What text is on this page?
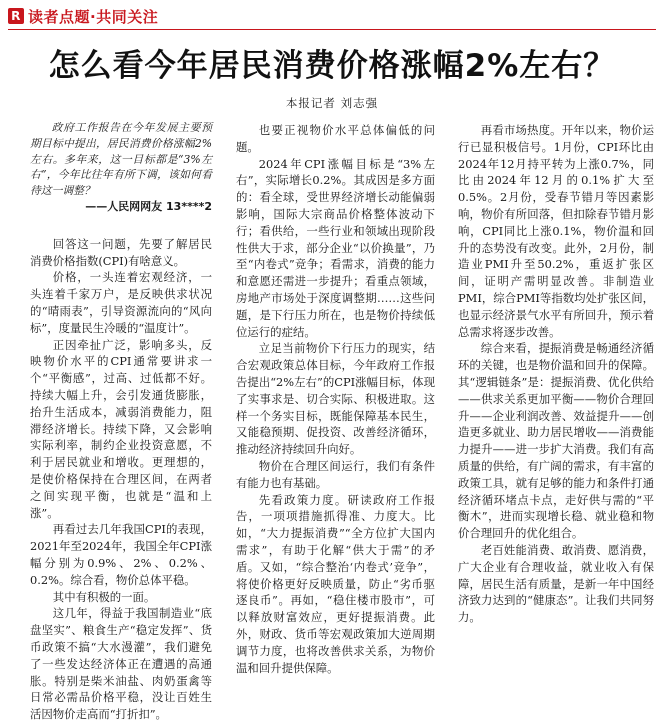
R 读者点题·共同关注
怎么看今年居民消费价格涨幅2%左右？
本报记者 刘志强

政府工作报告在今年发展主要预期目标中提出，居民消费价格涨幅2%左右。多年来，这一目标都是“3%左右”，今年比往年有所下调，该如何看待这一调整？

——人民网网友 13****2

回答这一问题，先要了解居民消费价格指数(CPI)有啥意义。

价格，一头连着宏观经济，一头连着千家万户，是反映供求状况的“晴雨表”，引导资源流向的“风向标”，度量民生冷暖的“温度计”。

正因牵扯广泛，影响多头，反映物价水平的CPI通常要讲求一个“平衡感”，过高、过低都不好。持续大幅上升，会引发通货膨胀，抬升生活成本，减弱消费能力，阻滞经济增长。持续下降，又会影响实际利率，制约企业投资意愿，不利于居民就业和增收。更理想的，是使价格保持在合理区间，在两者之间实现平衡，也就是“温和上涨”。

再看过去几年我国CPI的表现，2021年至2024年，我国全年CPI涨幅分别为0.9%、2%、0.2%、0.2%。综合看，物价总体平稳。

其中有积极的一面。

这几年，得益于我国制造业“底盘坚实”、粮食生产“稳定发挥”、货币政策不搞“大水漫灌”，我们避免了一些发达经济体正在遭遇的高通胀。特别是柴米油盐、肉奶蛋禽等日常必需品价格平稳，没让百姓生活因物价走高而“打折扣”。

也要正视物价水平总体偏低的问题。

2024年CPI涨幅目标是“3%左右”，实际增长0.2%。其成因是多方面的：看全球，受世界经济增长动能偏弱影响，国际大宗商品价格整体波动下行；看供给，一些行业和领域出现阶段性供大于求，部分企业“以价换量”，乃至“内卷式”竞争；看需求，消费的能力和意愿还需进一步提升；看重点领域，房地产市场处于深度调整期……这些问题，是下行压力所在，也是物价持续低位运行的症结。

立足当前物价下行压力的现实，结合宏观政策总体目标，今年政府工作报告提出“2%左右”的CPI涨幅目标，体现了实事求是、切合实际、积极进取。这样一个务实目标，既能保障基本民生，又能稳预期、促投资、改善经济循环，推动经济持续回升向好。

物价在合理区间运行，我们有条件有能力也有基础。

先看政策力度。研读政府工作报告，一项项措施抓得准、力度大。比如，“大力提振消费”“全方位扩大国内需求”，有助于化解“供大于需”的矛盾。又如，“综合整治‘内卷式’竞争”，将使价格更好反映质量，防止“劣币驱逐良币”。再如，“稳住楼市股市”，可以释放财富效应，更好提振消费。此外，财政、货币等宏观政策加大逆周期调节力度，也将改善供求关系，为物价温和回升提供保障。

再看市场热度。开年以来，物价运行已显积极信号。1月份，CPI环比由2024年12月持平转为上涨0.7%，同比由2024年12月的0.1%扩大至0.5%。2月份，受春节错月等因素影响，物价有所回落，但扣除春节错月影响，CPI同比上涨0.1%，物价温和回升的态势没有改变。此外，2月份，制造业PMI升至50.2%，重返扩张区间，证明产需明显改善。非制造业PMI，综合PMI等指数均处扩张区间，也显示经济景气水平有所回升，预示着总需求将逐步改善。

综合来看，提振消费是畅通经济循环的关键，也是物价温和回升的保障。其“逻辑链条”是：提振消费、优化供给——供求关系更加平衡——物价合理回升——企业利润改善、效益提升——创造更多就业、助力居民增收——消费能力提升——进一步扩大消费。我们有高质量的供给，有广阔的需求，有丰富的政策工具，就有足够的能力和条件打通经济循环堵点卡点，走好供与需的“平衡木”，进而实现增长稳、就业稳和物价合理回升的优化组合。

老百姓能消费、敢消费、愿消费，广大企业有合理收益，就业收入有保障，居民生活有质量，是新一年中国经济致力达到的“健康态”。让我们共同努力。
